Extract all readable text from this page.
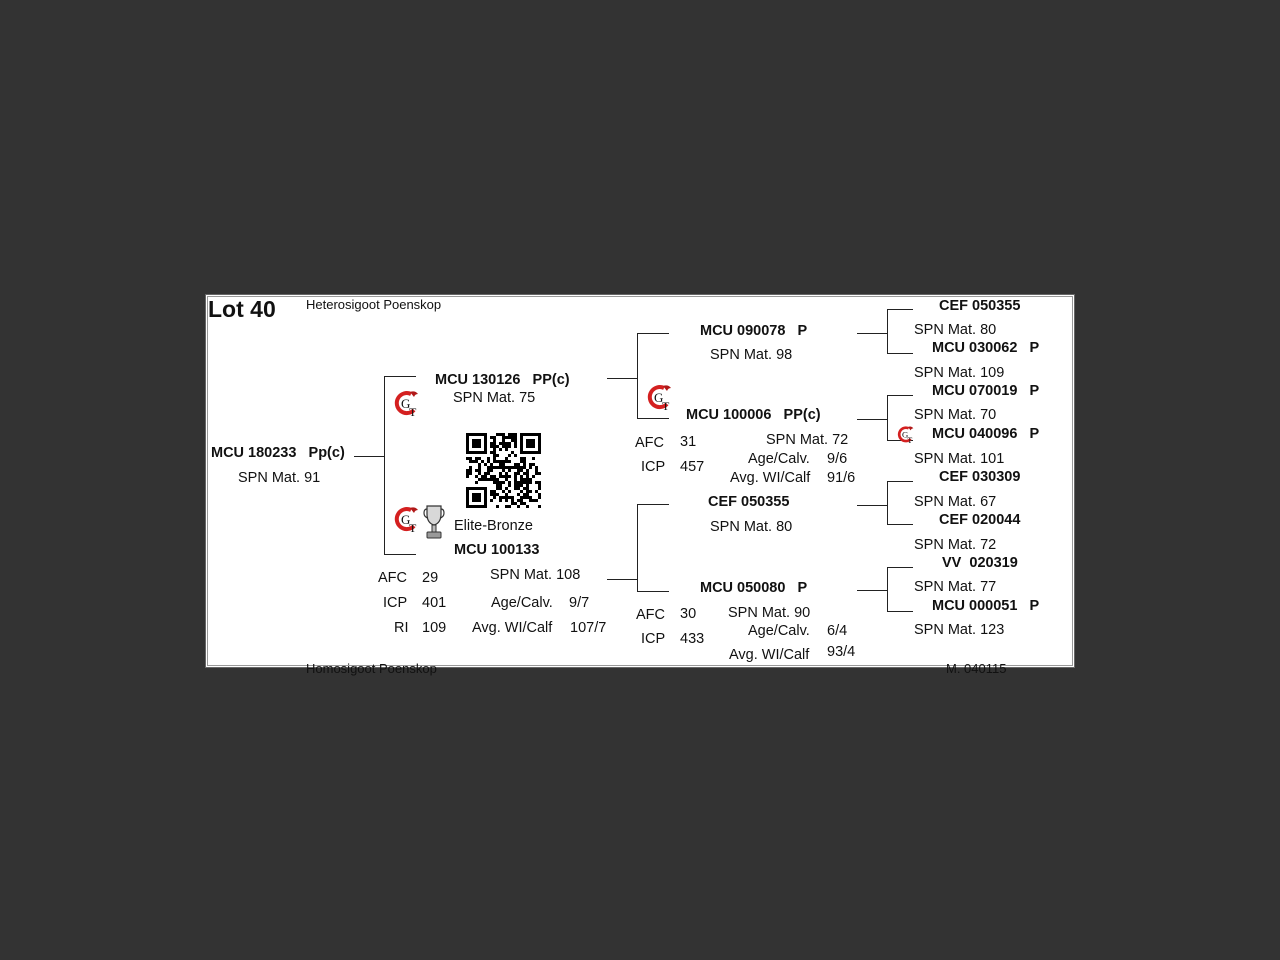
Lot 40 Heterosigoot Poenskop
MCU 180233 Pp(c)
SPN Mat. 91
MCU 130126 PP(c)
SPN Mat. 75
Elite-Bronze
MCU 100133
AFC 29
ICP 401
RI 109
SPN Mat. 108
Age/Calv. 9/7
Avg. WI/Calf 107/7
MCU 090078 P
SPN Mat. 98
MCU 100006 PP(c)
AFC 31
ICP 457
SPN Mat. 72
Age/Calv. 9/6
Avg. WI/Calf 91/6
CEF 050355
SPN Mat. 80
MCU 050080 P
AFC 30
ICP 433
SPN Mat. 90
Age/Calv. 6/4
Avg. WI/Calf 93/4
CEF 050355
SPN Mat. 80
MCU 030062 P
SPN Mat. 109
MCU 070019 P
SPN Mat. 70
MCU 040096 P
SPN Mat. 101
CEF 030309
SPN Mat. 67
CEF 020044
SPN Mat. 72
VV  020319
SPN Mat. 77
MCU 000051 P
SPN Mat. 123
Homosigoot Poenskop	M. 040115
